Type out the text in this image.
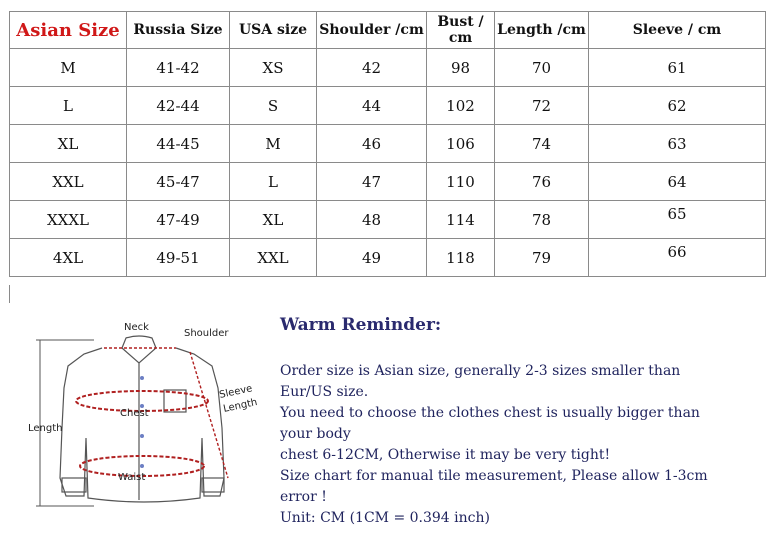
Asian Size	Russia Size	USA size	Shoulder /cm	Bust / cm	Length /cm	Sleeve / cm
M	41-42	XS	42	98	70	61
L	42-44	S	44	102	72	62
XL	44-45	M	46	106	74	63
XXL	45-47	L	47	110	76	64
XXXL	47-49	XL	48	114	78	65
4XL	49-51	XXL	49	118	79	66
Neck
Shoulder
Chest
Waist
Length
Sleeve
Length
Warm Reminder:

Order size is Asian size, generally 2-3 sizes smaller than Eur/US size.

You need to choose the clothes chest is usually bigger than your body

chest 6-12CM, Otherwise it may be very tight!

Size chart for manual tile measurement, Please allow 1-3cm error !

Unit: CM (1CM = 0.394 inch)
